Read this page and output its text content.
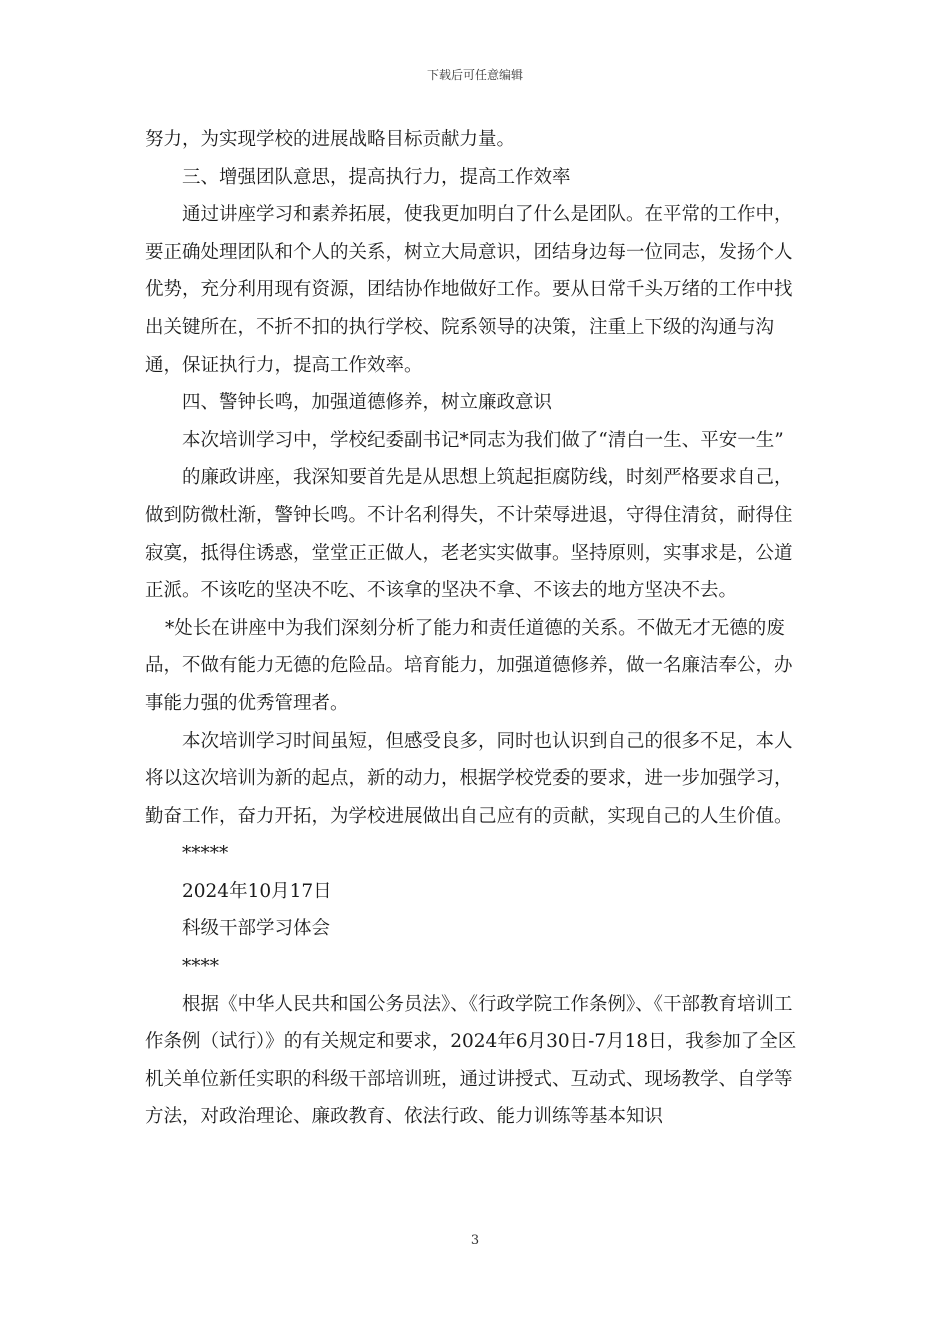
下载后可任意编辑

努力，为实现学校的进展战略目标贡献力量。

三、增强团队意思，提高执行力，提高工作效率

通过讲座学习和素养拓展，使我更加明白了什么是团队。在平常的工作中，要正确处理团队和个人的关系，树立大局意识，团结身边每一位同志，发扬个人优势，充分利用现有资源，团结协作地做好工作。要从日常千头万绪的工作中找出关键所在，不折不扣的执行学校、院系领导的决策，注重上下级的沟通与沟通，保证执行力，提高工作效率。

四、警钟长鸣，加强道德修养，树立廉政意识

本次培训学习中，学校纪委副书记*同志为我们做了“清白一生、平安一生”

的廉政讲座，我深知要首先是从思想上筑起拒腐防线，时刻严格要求自己，做到防微杜渐，警钟长鸣。不计名利得失，不计荣辱进退，守得住清贫，耐得住寂寞，抵得住诱惑，堂堂正正做人，老老实实做事。坚持原则，实事求是，公道正派。不该吃的坚决不吃、不该拿的坚决不拿、不该去的地方坚决不去。

*处长在讲座中为我们深刻分析了能力和责任道德的关系。不做无才无德的废品，不做有能力无德的危险品。培育能力，加强道德修养，做一名廉洁奉公，办事能力强的优秀管理者。

本次培训学习时间虽短，但感受良多，同时也认识到自己的很多不足，本人将以这次培训为新的起点，新的动力，根据学校党委的要求，进一步加强学习，勤奋工作，奋力开拓，为学校进展做出自己应有的贡献，实现自己的人生价值。

*****

2024年10月17日

科级干部学习体会

****

根据《中华人民共和国公务员法》、《行政学院工作条例》、《干部教育培训工作条例（试行）》的有关规定和要求，2024年6月30日-7月18日，我参加了全区机关单位新任实职的科级干部培训班，通过讲授式、互动式、现场教学、自学等方法，对政治理论、廉政教育、依法行政、能力训练等基本知识

3
